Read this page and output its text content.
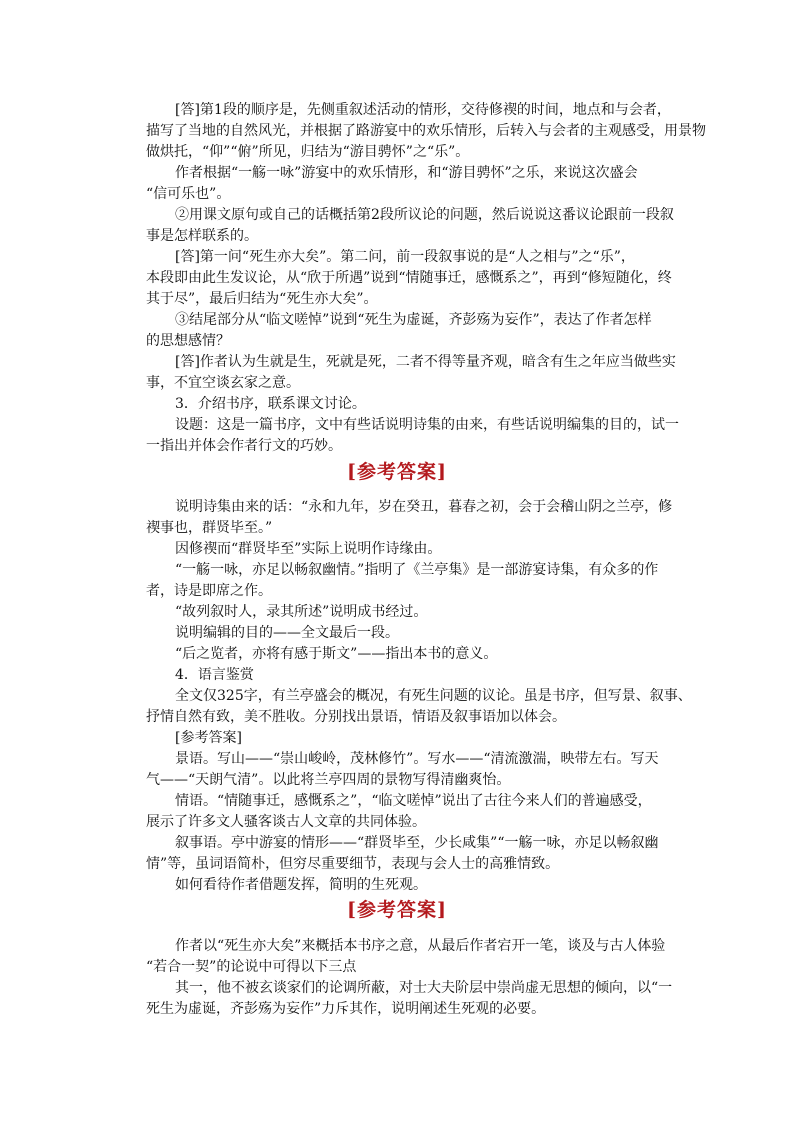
[答]第1段的顺序是，先侧重叙述活动的情形，交待修禊的时间，地点和与会者，

描写了当地的自然风光，并根据了路游宴中的欢乐情形，后转入与会者的主观感受，用景物

做烘托，“仰”“俯”所见，归结为“游目骋怀”之“乐”。

作者根据“一觞一咏”游宴中的欢乐情形，和“游目骋怀”之乐，来说这次盛会

“信可乐也”。

②用课文原句或自己的话概括第2段所议论的问题，然后说说这番议论跟前一段叙

事是怎样联系的。

[答]第一问“死生亦大矣”。第二问，前一段叙事说的是“人之相与”之“乐”，

本段即由此生发议论，从“欣于所遇”说到“情随事迁，感慨系之”，再到“修短随化，终

其于尽”，最后归结为“死生亦大矣”。

③结尾部分从“临文嗟悼”说到“死生为虚诞，齐彭殇为妄作”，表达了作者怎样

的思想感情？

[答]作者认为生就是生，死就是死，二者不得等量齐观，暗含有生之年应当做些实

事，不宜空谈玄家之意。

3．介绍书序，联系课文讨论。

设题：这是一篇书序，文中有些话说明诗集的由来，有些话说明编集的目的，试一

一指出并体会作者行文的巧妙。

说明诗集由来的话：“永和九年，岁在癸丑，暮春之初，会于会稽山阴之兰亭，修

禊事也，群贤毕至。”

因修禊而“群贤毕至”实际上说明作诗缘由。

“一觞一咏，亦足以畅叙幽情。”指明了《兰亭集》是一部游宴诗集，有众多的作

者，诗是即席之作。

“故列叙时人，录其所述”说明成书经过。

说明编辑的目的——全文最后一段。

“后之览者，亦将有感于斯文”——指出本书的意义。

4．语言鉴赏

全文仅325字，有兰亭盛会的概况，有死生问题的议论。虽是书序，但写景、叙事、

抒情自然有致，美不胜收。分别找出景语，情语及叙事语加以体会。

[参考答案]

景语。写山——“崇山峻岭，茂林修竹”。写水——“清流激湍，映带左右。写天

气——“天朗气清”。以此将兰亭四周的景物写得清幽爽怡。

情语。“情随事迁，感慨系之”，“临文嗟悼”说出了古往今来人们的普遍感受，

展示了许多文人骚客谈古人文章的共同体验。

叙事语。亭中游宴的情形——“群贤毕至，少长咸集”“一觞一咏，亦足以畅叙幽

情”等，虽词语简朴，但穷尽重要细节，表现与会人士的高雅情致。

如何看待作者借题发挥，简明的生死观。

作者以“死生亦大矣”来概括本书序之意，从最后作者宕开一笔，谈及与古人体验

“若合一契”的论说中可得以下三点

其一，他不被玄谈家们的论调所蔽，对士大夫阶层中崇尚虚无思想的倾向，以“一

死生为虚诞，齐彭殇为妄作”力斥其作，说明阐述生死观的必要。

[参考答案]
[参考答案]
